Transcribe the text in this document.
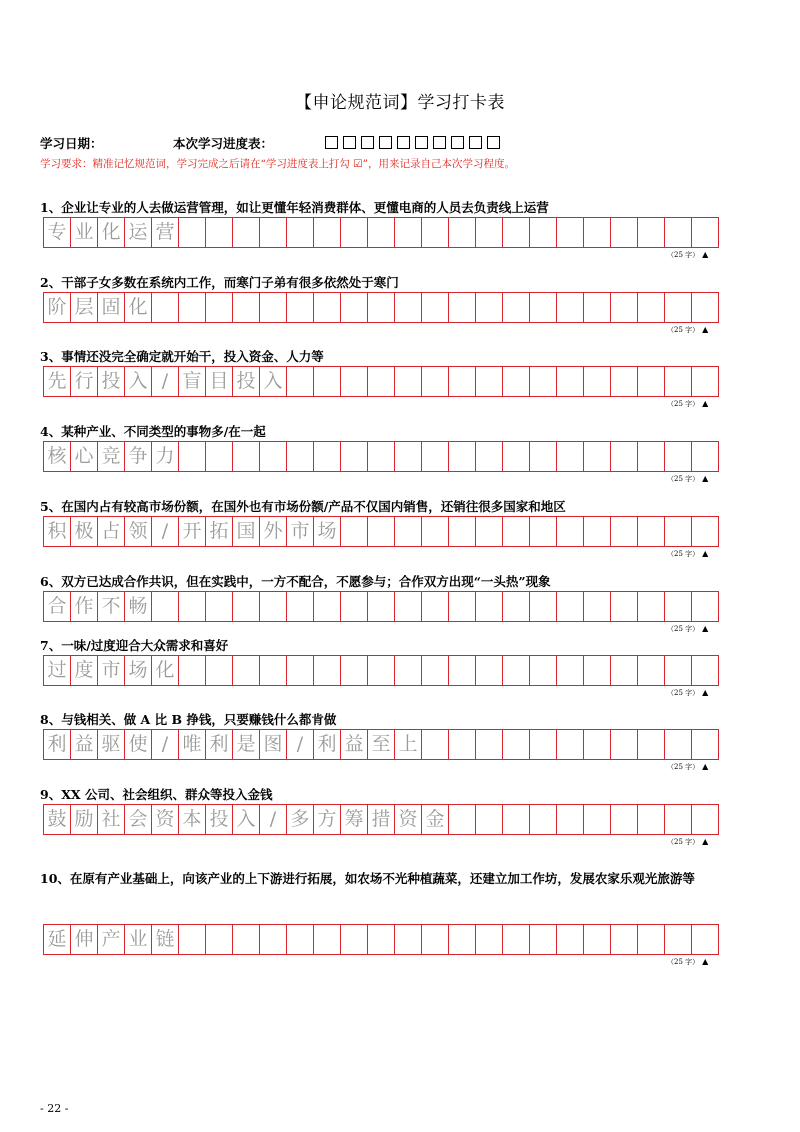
【申论规范词】学习打卡表
学习日期：	本次学习进度表：
学习要求：精准记忆规范词，学习完成之后请在“学习进度表上打勾 ☑”，用来记录自己本次学习程度。
1、企业让专业的人去做运营管理，如让更懂年轻消费群体、更懂电商的人员去负责线上运营
专 业 化 运 营
（25 字） ▲
2、干部子女多数在系统内工作，而寒门子弟有很多依然处于寒门
阶 层 固 化
（25 字） ▲
3、事情还没完全确定就开始干，投入资金、人力等
先 行 投 入 / 盲 目 投 入
（25 字） ▲
4、某种产业、不同类型的事物多/在一起
核 心 竞 争 力
（25 字） ▲
5、在国内占有较高市场份额，在国外也有市场份额/产品不仅国内销售，还销往很多国家和地区
积 极 占 领 / 开 拓 国 外 市 场
（25 字） ▲
6、双方已达成合作共识，但在实践中，一方不配合，不愿参与；合作双方出现“一头热”现象
合 作 不 畅
（25 字） ▲
7、一味/过度迎合大众需求和喜好
过 度 市 场 化
（25 字） ▲
8、与钱相关、做 A 比 B 挣钱，只要赚钱什么都肯做
利 益 驱 使 / 唯 利 是 图 / 利 益 至 上
（25 字） ▲
9、XX 公司、社会组织、群众等投入金钱
鼓 励 社 会 资 本 投 入 / 多 方 筹 措 资 金
（25 字） ▲
10、在原有产业基础上，向该产业的上下游进行拓展，如农场不光种植蔬菜，还建立加工作坊，发展农家乐观光旅游等
延 伸 产 业 链
（25 字） ▲
- 22 -
